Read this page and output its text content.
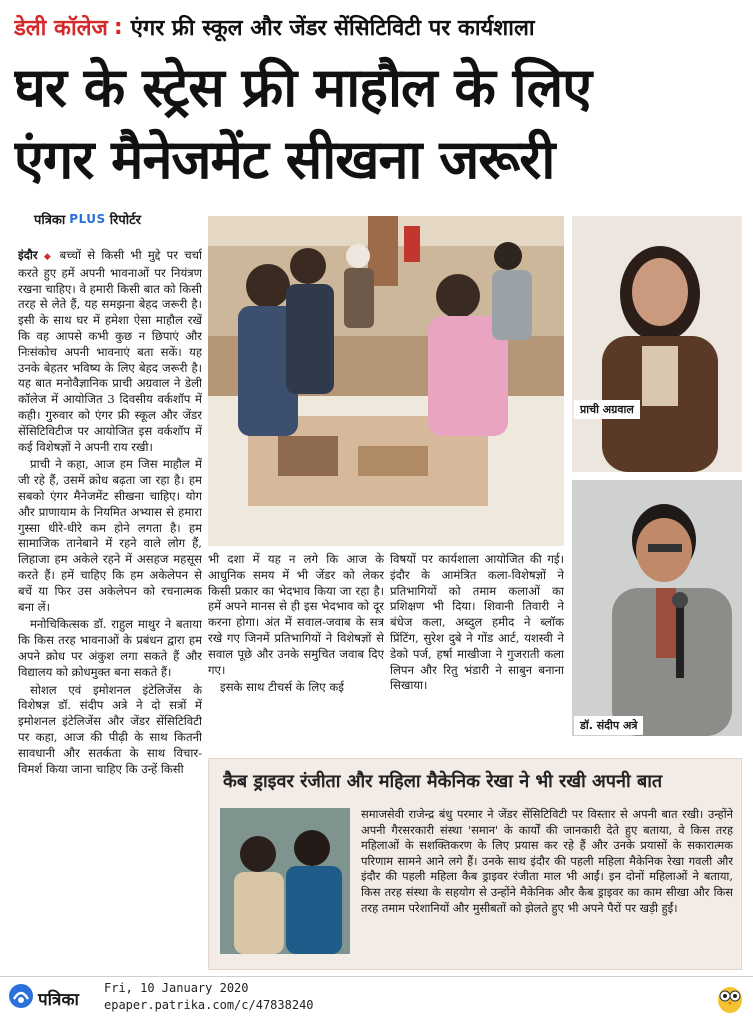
डेली कॉलेज : एंगर फ्री स्कूल और जेंडर सेंसिटिविटी पर कार्यशाला
घर के स्ट्रेस फ्री माहौल के लिए
एंगर मैनेजमेंट सीखना जरूरी
पत्रिका PLUS रिपोर्टर

इंदौर ◆ बच्चों से किसी भी मुद्दे पर चर्चा करते हुए हमें अपनी भावनाओं पर नियंत्रण रखना चाहिए। वे हमारी किसी बात को किसी तरह से लेते हैं, यह समझना बेहद जरूरी है। इसी के साथ घर में हमेशा ऐसा माहौल रखें कि वह आपसे कभी कुछ न छिपाएं और निःसंकोच अपनी भावनाएं बता सकें। यह उनके बेहतर भविष्य के लिए बेहद जरूरी है। यह बात मनोवैज्ञानिक प्राची अग्रवाल ने डेली कॉलेज में आयोजित 3 दिवसीय वर्कशॉप में कही। गुरुवार को एंगर फ्री स्कूल और जेंडर सेंसिटिविटीज पर आयोजित इस वर्कशॉप में कई विशेषज्ञों ने अपनी राय रखी।

प्राची ने कहा, आज हम जिस माहौल में जी रहे हैं, उसमें क्रोध बढ़ता जा रहा है। हम सबको एंगर मैनेजमेंट सीखना चाहिए। योग और प्राणायाम के नियमित अभ्यास से हमारा गुस्सा धीरे-धीरे कम होने लगता है। हम सामाजिक तानेबाने में रहने वाले लोग हैं, लिहाजा हम अकेले रहने में असहज महसूस करते हैं। हमें चाहिए कि हम अकेलेपन से बचें या फिर उस अकेलेपन को रचनात्मक बना लें।

मनोचिकित्सक डॉ. राहुल माथुर ने बताया कि किस तरह भावनाओं के प्रबंधन द्वारा हम अपने क्रोध पर अंकुश लगा सकते हैं और विद्यालय को क्रोधमुक्त बना सकते हैं।

सोशल एवं इमोशनल इंटेलिजेंस के विशेषज्ञ डॉ. संदीप अत्रे ने दो सत्रों में इमोशनल इंटेलिजेंस और जेंडर सेंसिटिविटी पर कहा, आज की पीढ़ी के साथ कितनी सावधानी और सतर्कता के साथ विचार-विमर्श किया जाना चाहिए कि उन्हें किसी

प्राची अग्रवाल
डॉ. संदीप अत्रे

भी दशा में यह न लगे कि आज के आधुनिक समय में भी जेंडर को लेकर किसी प्रकार का भेदभाव किया जा रहा है। हमें अपने मानस से ही इस भेदभाव को दूर करना होगा। अंत में सवाल-जवाब के सत्र रखे गए जिनमें प्रतिभागियों ने विशेषज्ञों से सवाल पूछे और उनके समुचित जवाब दिए गए।

इसके साथ टीचर्स के लिए कई

विषयों पर कार्यशाला आयोजित की गई। इंदौर के आमंत्रित कला-विशेषज्ञों ने प्रतिभागियों को तमाम कलाओं का प्रशिक्षण भी दिया। शिवानी तिवारी ने बंधेज कला, अब्दुल हमीद ने ब्लॉक प्रिंटिंग, सुरेश दुबे ने गोंड आर्ट, यशस्वी ने डेको पर्ज, हर्षा माखीजा ने गुजराती कला लिपन और रितु भंडारी ने साबुन बनाना सिखाया।

कैब ड्राइवर रंजीता और महिला मैकेनिक रेखा ने भी रखी अपनी बात
समाजसेवी राजेन्द्र बंधु परमार ने जेंडर सेंसिटिविटी पर विस्तार से अपनी बात रखी। उन्होंने अपनी गैरसरकारी संस्था 'समान' के कार्यों की जानकारी देते हुए बताया, वे किस तरह महिलाओं के सशक्तिकरण के लिए प्रयास कर रहे हैं और उनके प्रयासों के सकारात्मक परिणाम सामने आने लगे हैं। उनके साथ इंदौर की पहली महिला मैकेनिक रेखा गवली और इंदौर की पहली महिला कैब ड्राइवर रंजीता माल भी आईं। इन दोनों महिलाओं ने बताया, किस तरह संस्था के सहयोग से उन्होंने मैकेनिक और कैब ड्राइवर का काम सीखा और किस तरह तमाम परेशानियों और मुसीबतों को झेलते हुए भी अपने पैरों पर खड़ी हुईं।
पत्रिका
Fri, 10 January 2020
epaper.patrika.com/c/47838240
